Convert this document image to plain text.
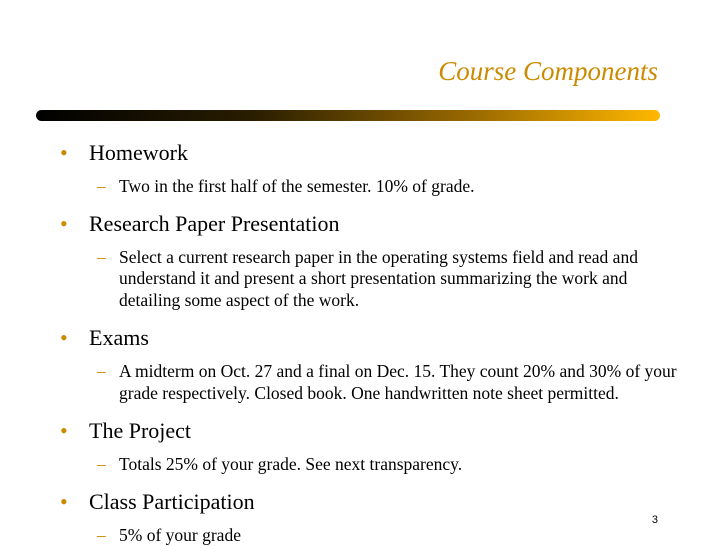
Course Components
• Homework
– Two in the first half of the semester. 10% of grade.
• Research Paper Presentation
– Select a current research paper in the operating systems field and read and understand it and present a short presentation summarizing the work and detailing some aspect of the work.
• Exams
– A midterm on Oct. 27 and a final on Dec. 15. They count 20% and 30% of your grade respectively. Closed book. One handwritten note sheet permitted.
• The Project
– Totals 25% of your grade. See next transparency.
• Class Participation
– 5% of your grade
3
